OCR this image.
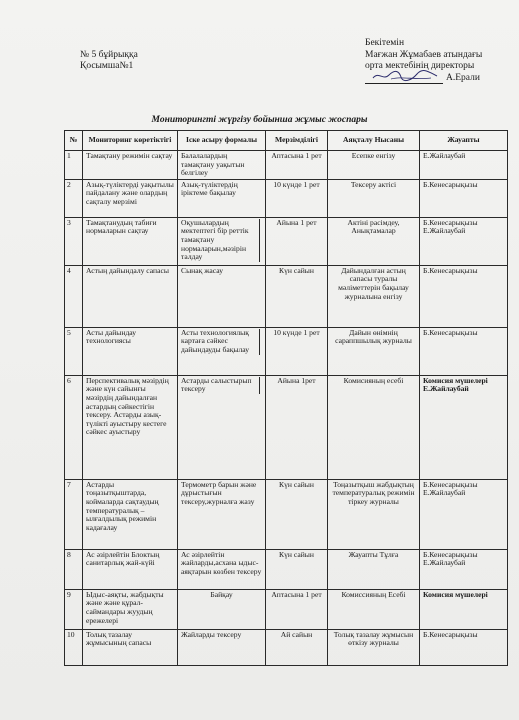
№ 5 бұйрыққа
Қосымша№1
Бекітемін
Мағжан Жұмабаев атындағы
орта мектебінің директоры
А.Ерали
Мониторингті жүргізу бойынша жұмыс жоспары
№	Мониторинг көретіктігі	Іске асыру формалы	Мерзімділігі	Аяқталу Нысаны	Жауапты
1	Тамақтану режимін сақтау	Балалалардың тамақтану уақытын белгілеу	Аптасына 1 рет	Есепке енгізу	Е.Жайлаубай
2	Азық-түліктерді уақытылы пайдалану және олардың сақталу мерзімі	Азық-түліктердің іріктеме бақылау	10 күнде 1 рет	Тексеру актісі	Б.Кенесарықызы
3	Тамақтанудың табиғи нормаларын сақтау	Оқушылардың мектептегі бір реттік тамақтану нормаларын,мәзірін талдау	Айына 1 рет	Актіні расімдеу, Анықтамалар	Б.Кенесарықызы Е.Жайлаубай
4	Астың дайындалу сапасы	Сынақ жасау	Күн сайын	Дайындалған астың сапасы туралы мәліметтерін бақылау журналына енгізу	Б.Кенесарықызы
5	Асты дайындау технологиясы	Асты технологиялық картаға сәйкес дайындауды бақылау	10 күнде 1 рет	Дайын өнімнің сараппшылық журналы	Б.Кенесарықызы
6	Перспективалық мәзірдің және күн сайынғы мәзірдің дайындалған астардың сәйкестігін тексеру. Астарды азық-түлікті ауыстыру кестеге сәйкес ауыстыру	Астарды салыстырып тексеру	Айына 1рет	Комисияның есебі	Комисия мүшелері Е.Жайлаубай
7	Астарды тоңазытқыштарда, коймаларда сақтаудың температуралық – ылғалдылық режимін кадағалау	Термометр барын және дұрыстығын тексеру,журналға жазу	Күн сайын	Тоңазытқыш жабдықтың температуралық режимін тіркеу журналы	Б.Кенесарықызы Е.Жайлаубай
8	Ас әзірлейтін Блоктың санитарлық жай-күйі	Ас әзірлейтін жайларды,асхана ыдыс-аяқтарын көзбен тексеру	Күн сайын	Жауапты Тұлға	Б.Кенесарықызы Е.Жайлаубай
9	Ыдыс-аяқты, жабдықты және және құрал-саймандары жуудың ережелері	Байқау	Аптасына 1 рет	Комиссияның Есебі	Комисия мүшелері
10	Толық тазалау жұмысының сапасы	Жайларды тексеру	Ай сайын	Толық тазалау жұмысын өткізу журналы	Б.Кенесарықызы
